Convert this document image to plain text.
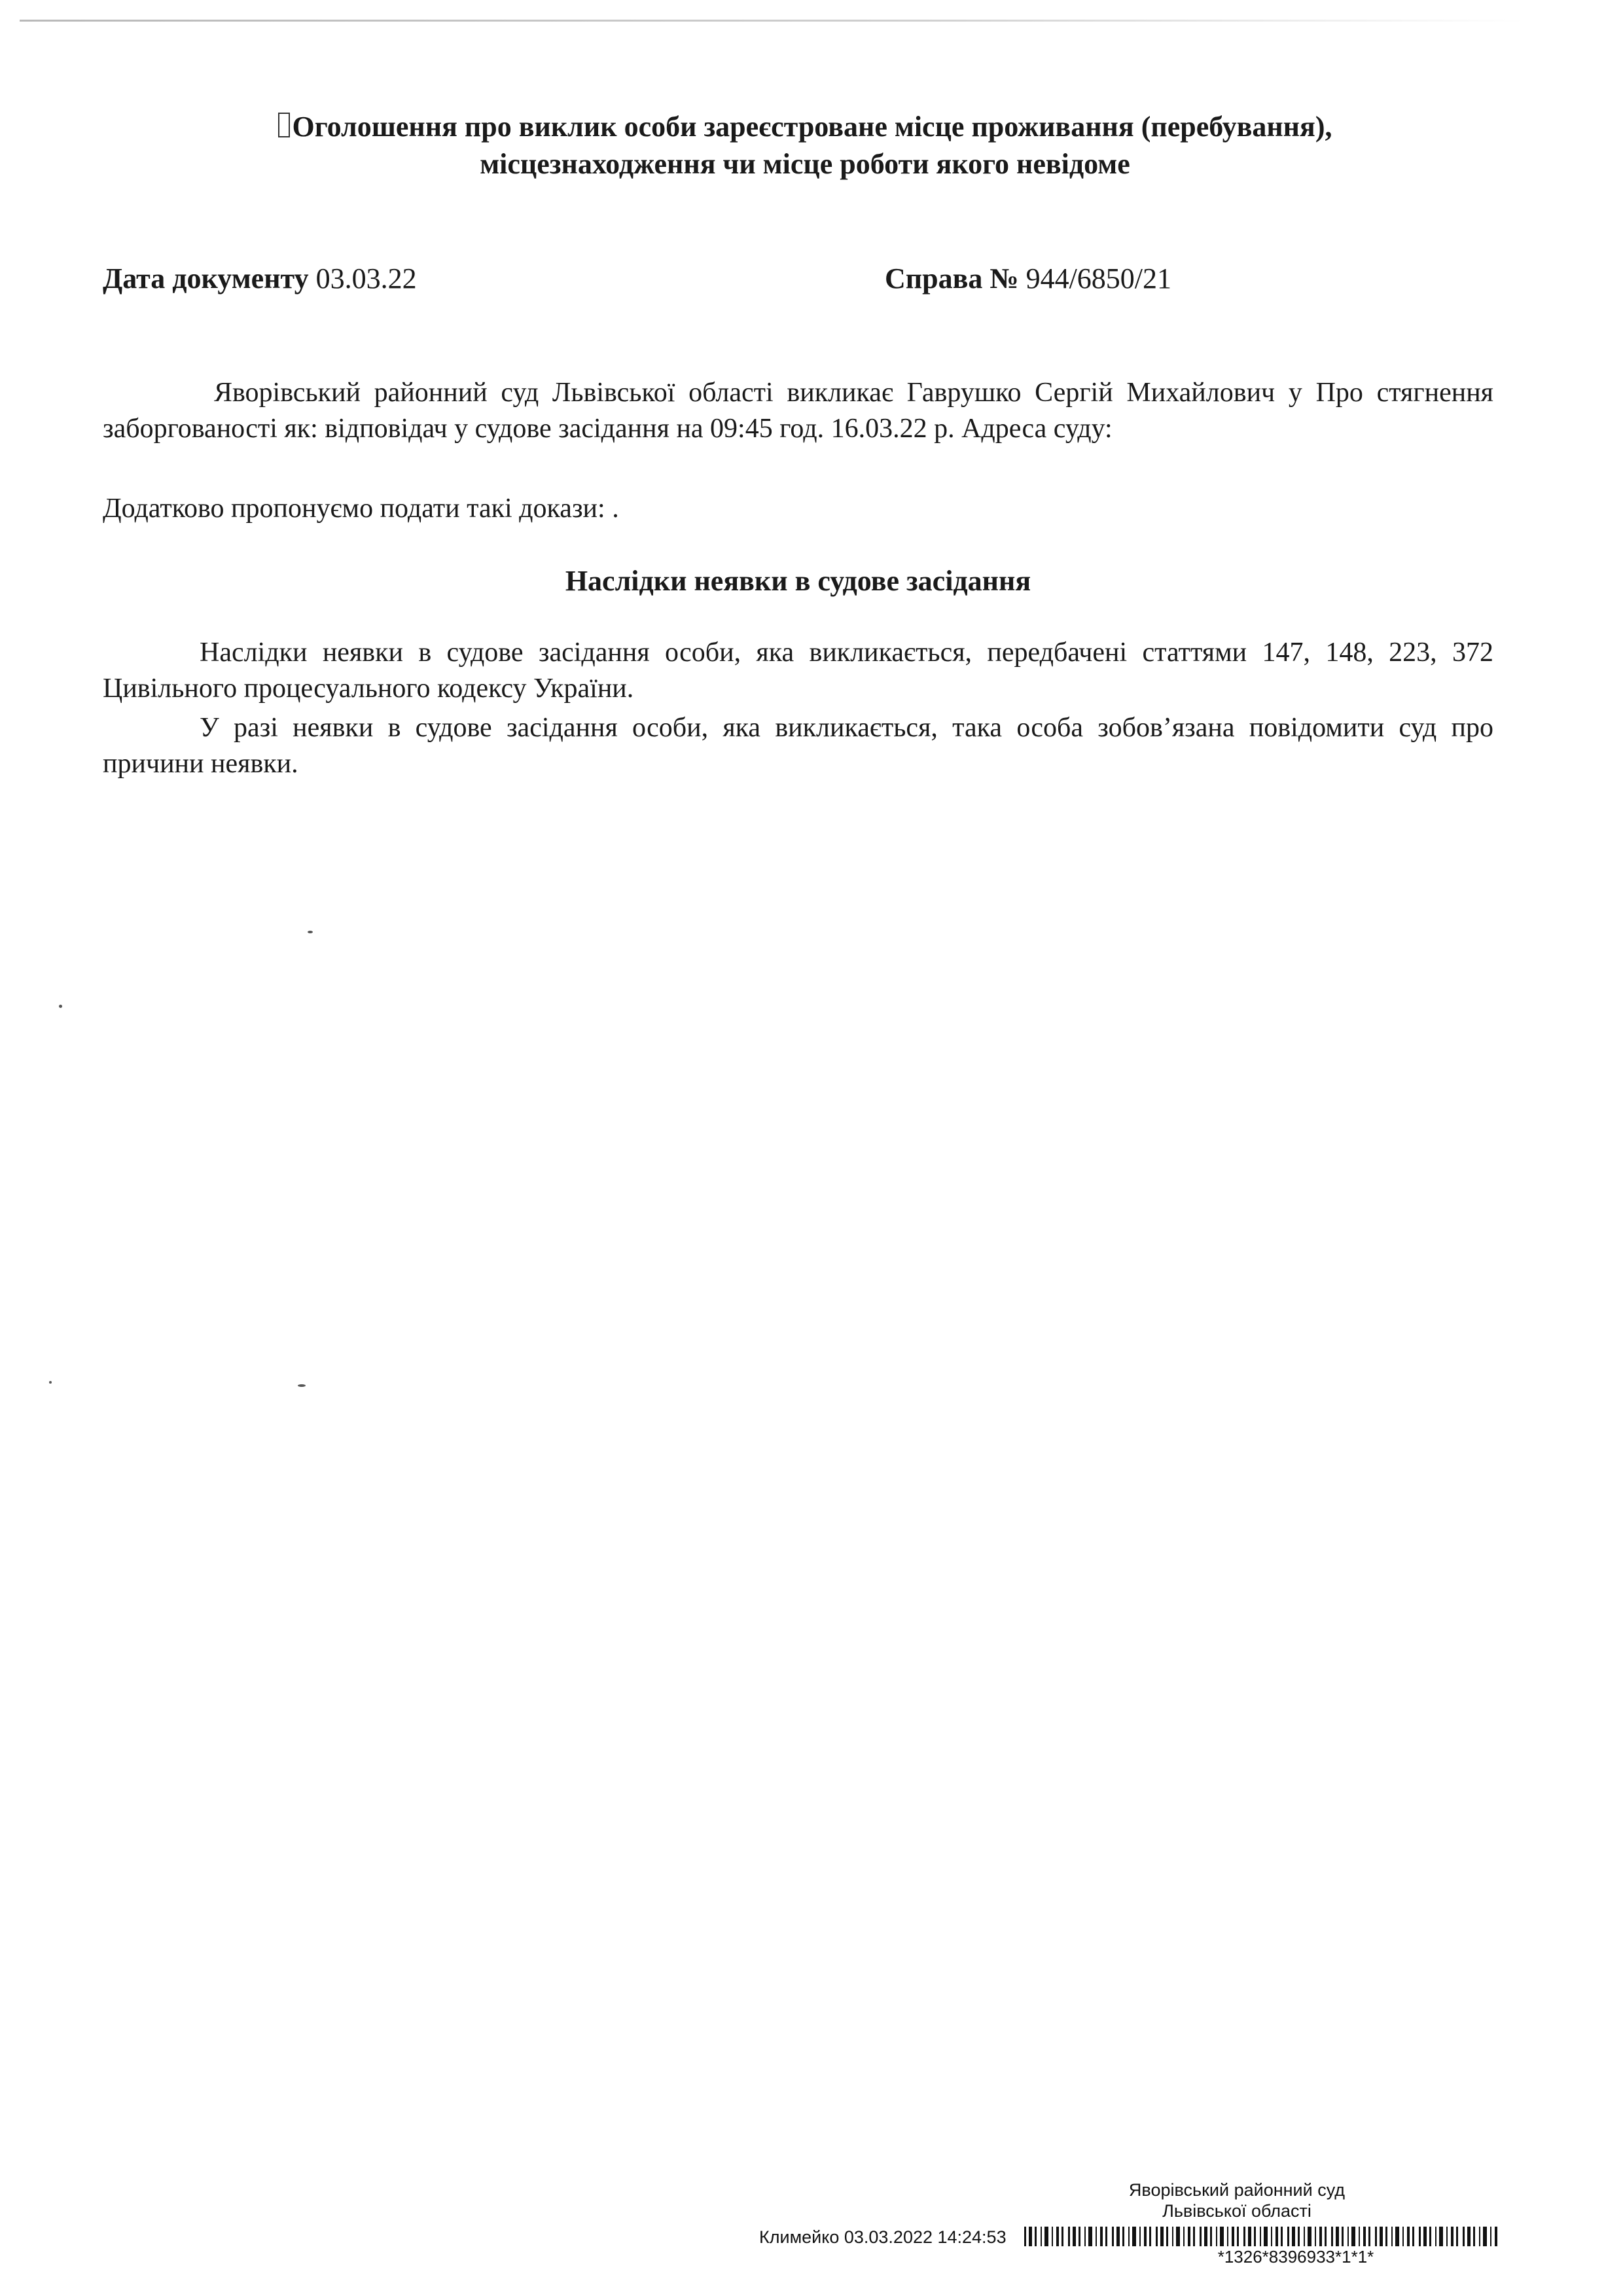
Оголошення про виклик особи зареєстроване місце проживання (перебування),
місцезнаходження чи місце роботи якого невідоме
Дата документу 03.03.22	Справа № 944/6850/21
Яворівський районний суд Львівської області викликає Гаврушко Сергій Михайлович у Про стягнення заборгованості як: відповідач у судове засідання на 09:45 год. 16.03.22 р. Адреса суду:
Додатково пропонуємо подати такі докази: .
Наслідки неявки в судове засідання
Наслідки неявки в судове засідання особи, яка викликається, передбачені статтями 147, 148, 223, 372 Цивільного процесуального кодексу України.
У разі неявки в судове засідання особи, яка викликається, така особа зобов’язана повідомити суд про причини неявки.
Яворівський районний суд
Львівської області
Климейко 03.03.2022 14:24:53
*1326*8396933*1*1*
